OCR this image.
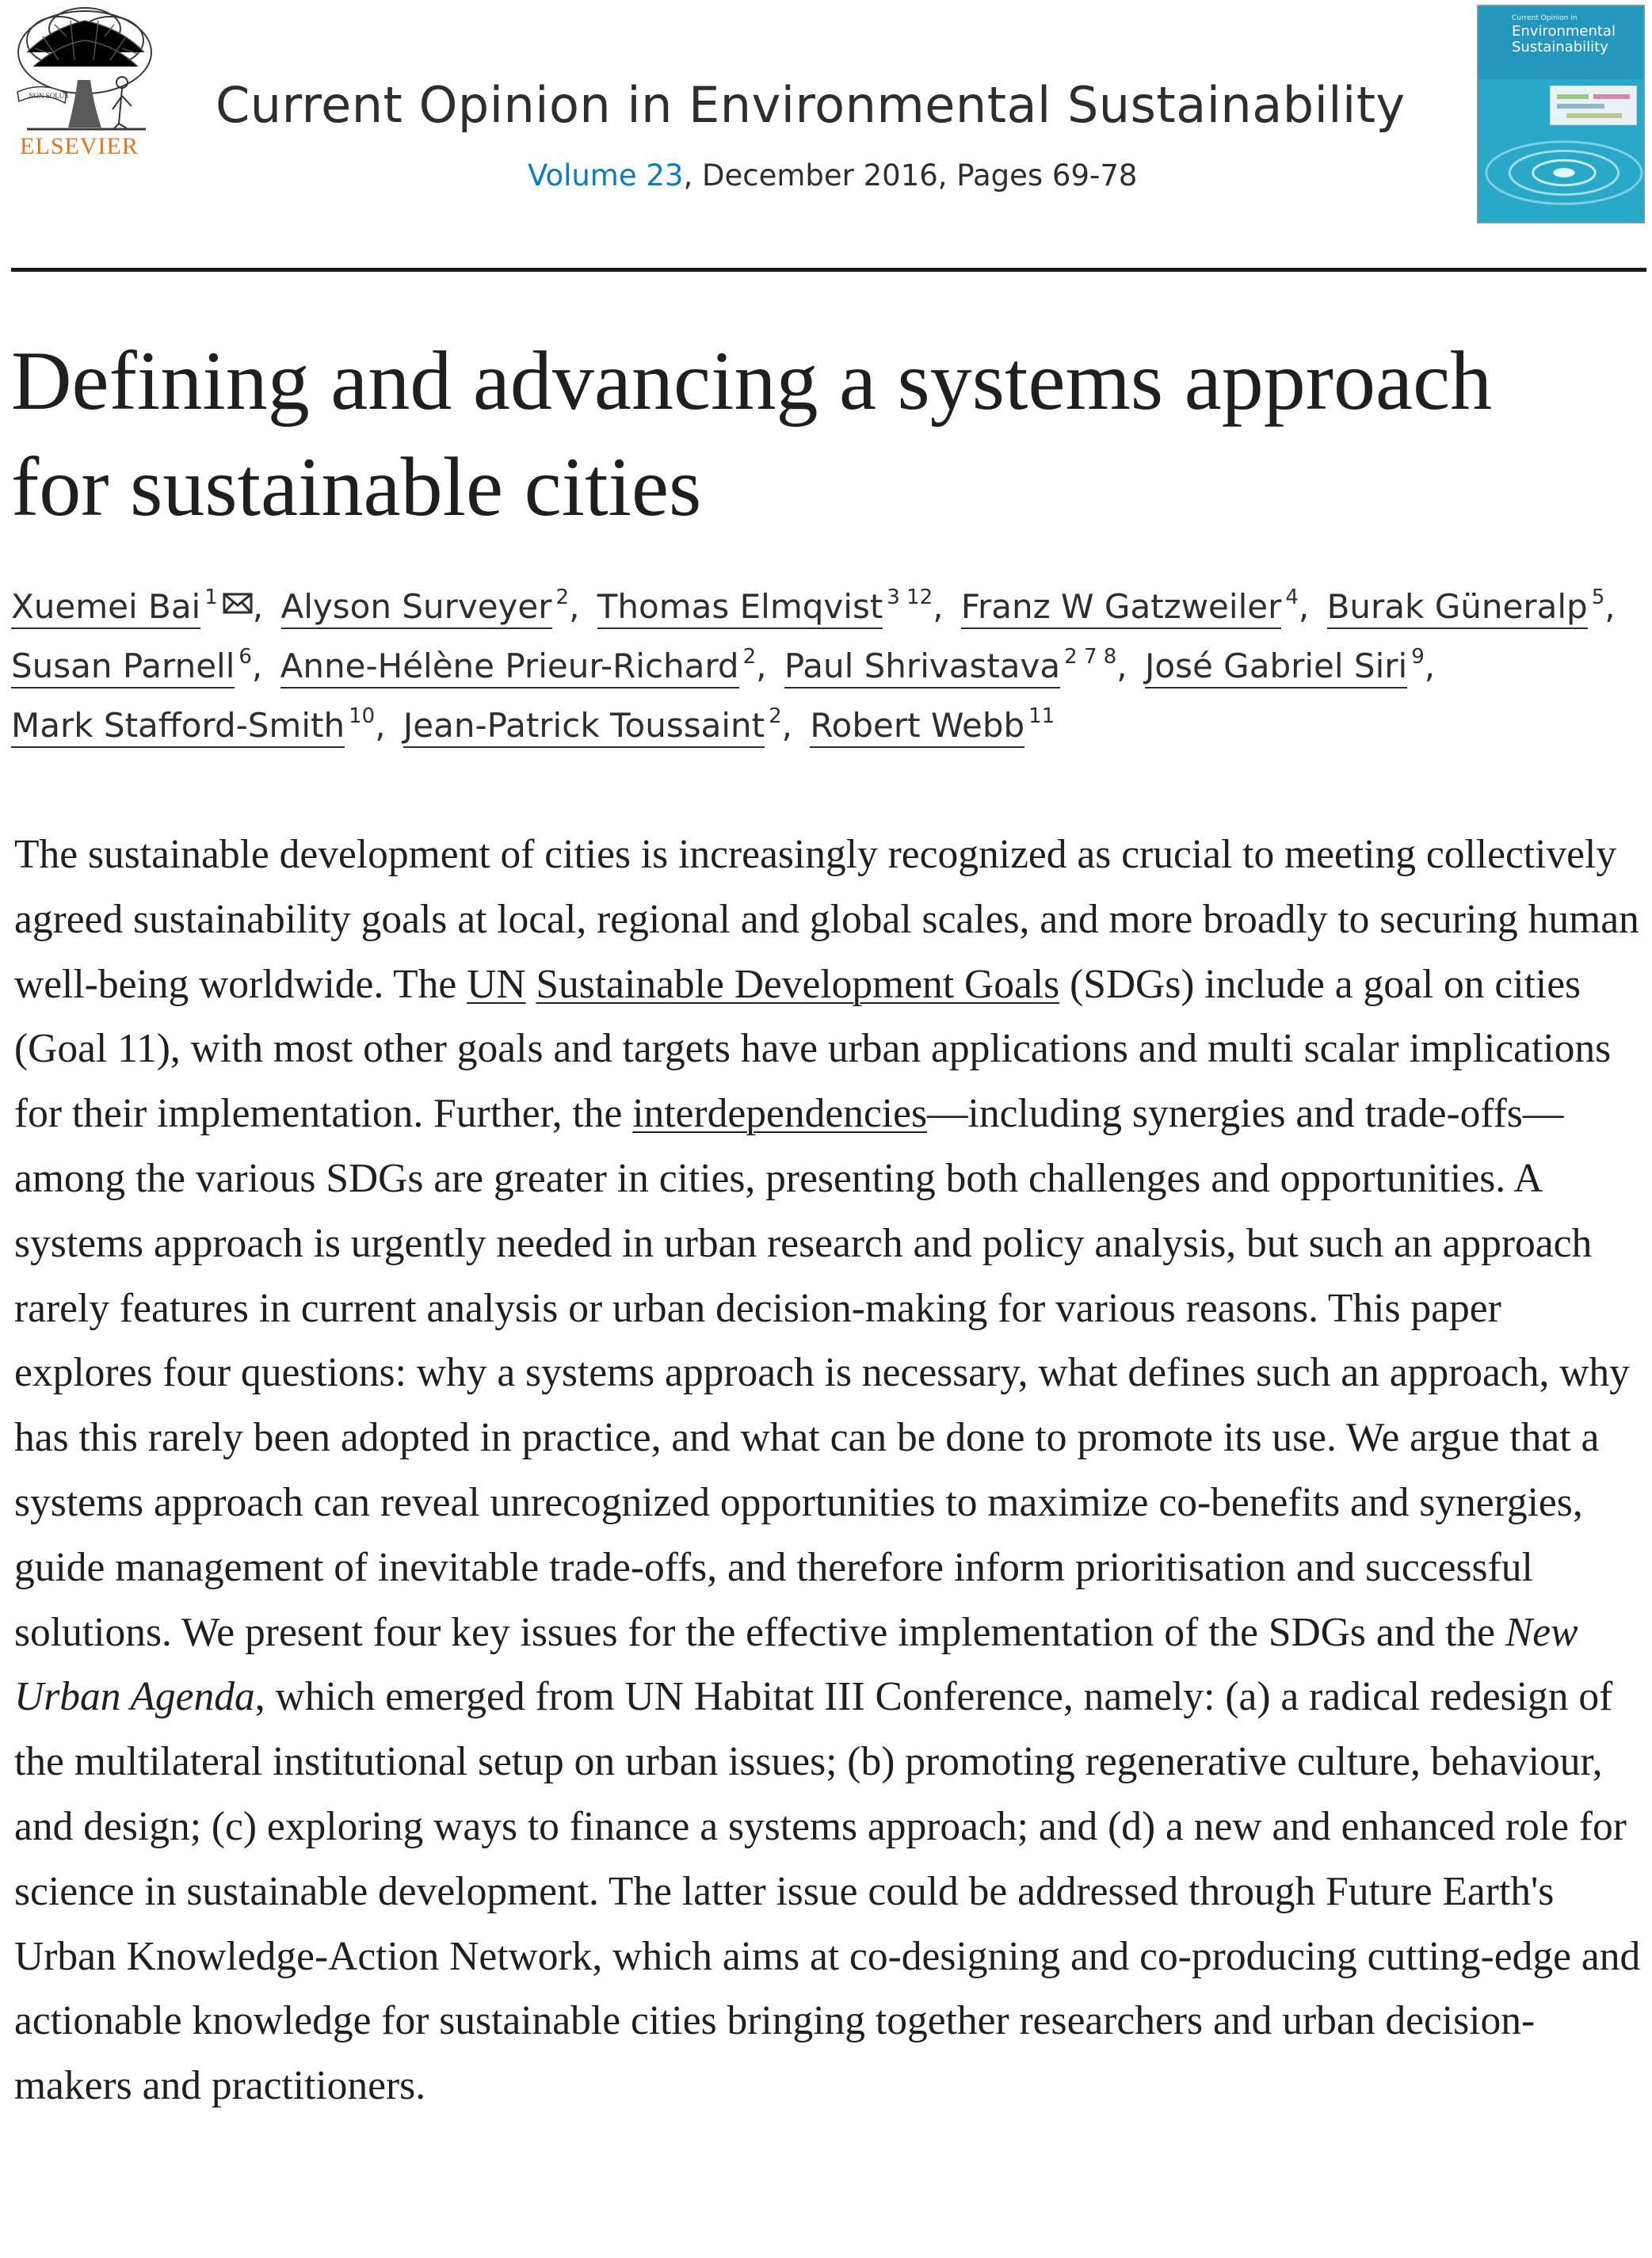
NON SOLUS
ELSEVIER
Current Opinion in Environmental Sustainability
Volume 23, December 2016, Pages 69-78
Current Opinion in
Environmental Sustainability
Defining and advancing a systems approach
for sustainable cities
Xuemei Bai $^1$ , Alyson Surveyer $^2$, Thomas Elmqvist $^{3 12}$, Franz W Gatzweiler $^4$, Burak Güneralp $^5$,
Susan Parnell $^6$, Anne-Hélène Prieur-Richard $^2$, Paul Shrivastava $^{2 7 8}$, José Gabriel Siri $^9$,
Mark Stafford-Smith $^{10}$, Jean-Patrick Toussaint $^2$, Robert Webb $^{11}$

The sustainable development of cities is increasingly recognized as crucial to meeting collectively agreed sustainability goals at local, regional and global scales, and more broadly to securing human well-being worldwide. The UN Sustainable Development Goals (SDGs) include a goal on cities (Goal 11), with most other goals and targets have urban applications and multi scalar implications for their implementation. Further, the interdependencies—including synergies and trade-offs—among the various SDGs are greater in cities, presenting both challenges and opportunities. A systems approach is urgently needed in urban research and policy analysis, but such an approach rarely features in current analysis or urban decision-making for various reasons. This paper explores four questions: why a systems approach is necessary, what defines such an approach, why has this rarely been adopted in practice, and what can be done to promote its use. We argue that a systems approach can reveal unrecognized opportunities to maximize co-benefits and synergies, guide management of inevitable trade-offs, and therefore inform prioritisation and successful solutions. We present four key issues for the effective implementation of the SDGs and the New Urban Agenda, which emerged from UN Habitat III Conference, namely: (a) a radical redesign of the multilateral institutional setup on urban issues; (b) promoting regenerative culture, behaviour, and design; (c) exploring ways to finance a systems approach; and (d) a new and enhanced role for science in sustainable development. The latter issue could be addressed through Future Earth's Urban Knowledge-Action Network, which aims at co-designing and co-producing cutting-edge and actionable knowledge for sustainable cities bringing together researchers and urban decision-makers and practitioners.
